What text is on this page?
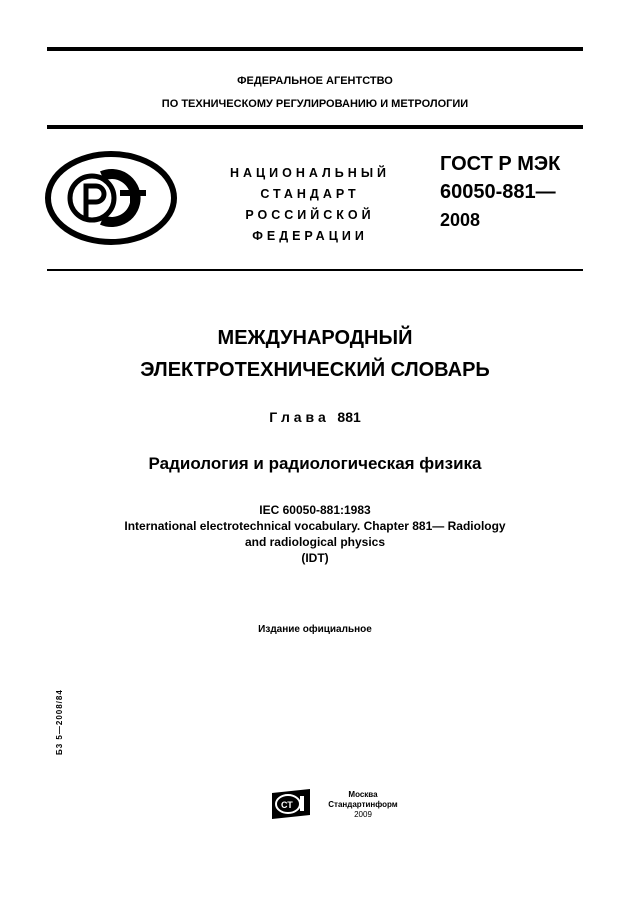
ФЕДЕРАЛЬНОЕ АГЕНТСТВО
ПО ТЕХНИЧЕСКОМУ РЕГУЛИРОВАНИЮ И МЕТРОЛОГИИ
НАЦИОНАЛЬНЫЙ
СТАНДАРТ
РОССИЙСКОЙ
ФЕДЕРАЦИИ
ГОСТ Р МЭК
60050-881—
2008
МЕЖДУНАРОДНЫЙ
ЭЛЕКТРОТЕХНИЧЕСКИЙ СЛОВАРЬ
Г л а в а   881
Радиология и радиологическая физика
IEC 60050-881:1983
International electrotechnical vocabulary. Chapter 881— Radiology
and radiological physics
(IDT)
Издание официальное
Б3 5—2008/84
СТ
Москва
Стандартинформ
2009
